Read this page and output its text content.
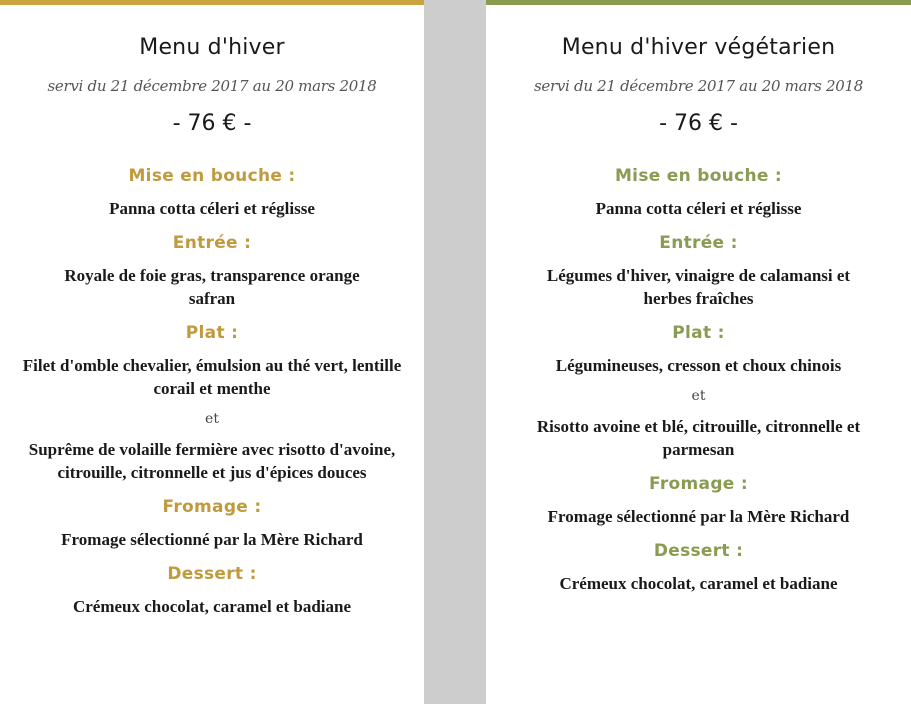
Menu d'hiver
servi du 21 décembre 2017 au 20 mars 2018
- 76 € -
Mise en bouche :
Panna cotta céleri et réglisse
Entrée :
Royale de foie gras, transparence orange safran
Plat :
Filet d'omble chevalier, émulsion au thé vert, lentille corail et menthe
et
Suprême de volaille fermière avec risotto d'avoine, citrouille, citronnelle et jus d'épices douces
Fromage :
Fromage sélectionné par la Mère Richard
Dessert :
Crémeux chocolat, caramel et badiane
Menu d'hiver végétarien
servi du 21 décembre 2017 au 20 mars 2018
- 76 € -
Mise en bouche :
Panna cotta céleri et réglisse
Entrée :
Légumes d'hiver, vinaigre de calamansi et herbes fraîches
Plat :
Légumineuses, cresson et choux chinois
et
Risotto avoine et blé, citrouille, citronnelle et parmesan
Fromage :
Fromage sélectionné par la Mère Richard
Dessert :
Crémeux chocolat, caramel et badiane
